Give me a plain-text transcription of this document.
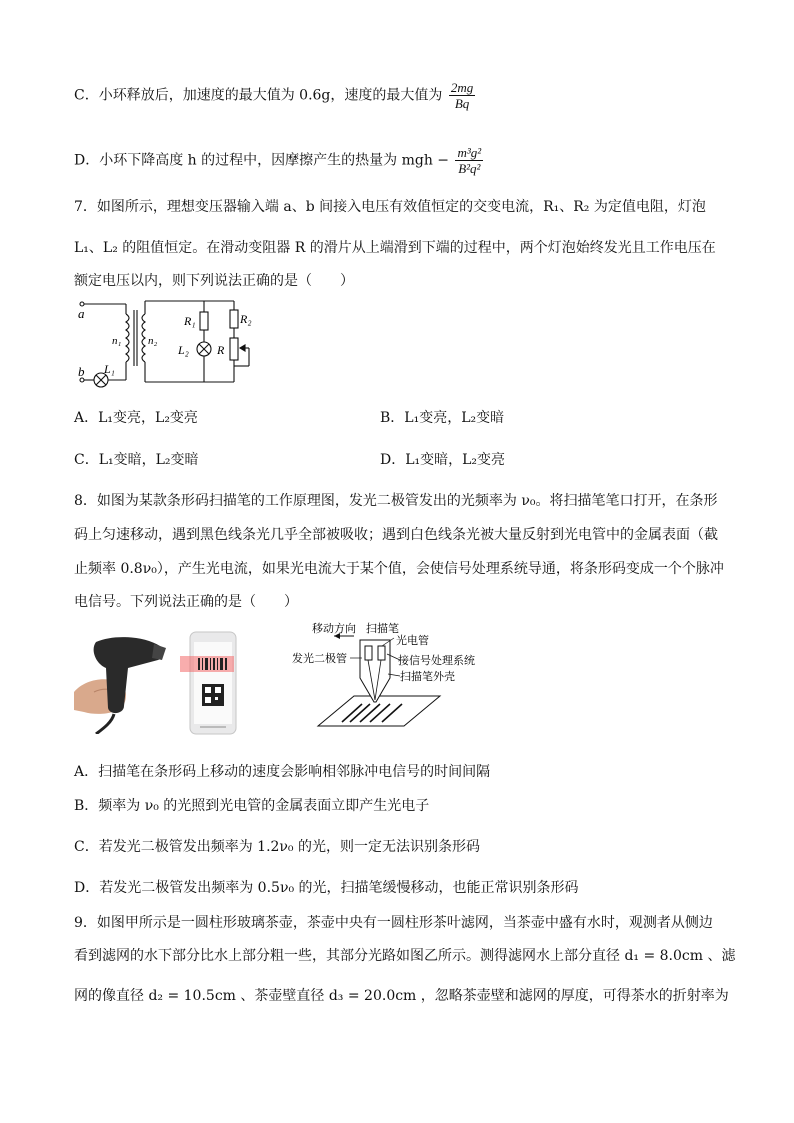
C．小环释放后，加速度的最大值为 0.6g，速度的最大值为 $\frac{2mg}{Bq}$
D．小环下降高度 h 的过程中，因摩擦产生的热量为 mgh − $\frac{\text{m³g²}}{\text{B²q²}}$
7．如图所示，理想变压器输入端 a、b 间接入电压有效值恒定的交变电流，R₁、R₂ 为定值电阻，灯泡
L₁、L₂ 的阻值恒定。在滑动变阻器 R 的滑片从上端滑到下端的过程中，两个灯泡始终发光且工作电压在
额定电压以内，则下列说法正确的是（　　）
a
b
n₁ n₂
L₁
R₁
L₂
R₂
R
A．L₁变亮，L₂变亮	B．L₁变亮，L₂变暗
C．L₁变暗，L₂变暗	D．L₁变暗，L₂变亮
8．如图为某款条形码扫描笔的工作原理图，发光二极管发出的光频率为 ν₀。将扫描笔笔口打开，在条形
码上匀速移动，遇到黑色线条光几乎全部被吸收；遇到白色线条光被大量反射到光电管中的金属表面（截
止频率 0.8ν₀），产生光电流，如果光电流大于某个值，会使信号处理系统导通，将条形码变成一个个脉冲
电信号。下列说法正确的是（　　）
移动方向 扫描笔
光电管
发光二极管	接信号处理系统
扫描笔外壳
A．扫描笔在条形码上移动的速度会影响相邻脉冲电信号的时间间隔
B．频率为 ν₀ 的光照到光电管的金属表面立即产生光电子
C．若发光二极管发出频率为 1.2ν₀ 的光，则一定无法识别条形码
D．若发光二极管发出频率为 0.5ν₀ 的光，扫描笔缓慢移动，也能正常识别条形码
9．如图甲所示是一圆柱形玻璃茶壶，茶壶中央有一圆柱形茶叶滤网，当茶壶中盛有水时，观测者从侧边
看到滤网的水下部分比水上部分粗一些，其部分光路如图乙所示。测得滤网水上部分直径 d₁ = 8.0cm 、滤
网的像直径 d₂ = 10.5cm 、茶壶壁直径 d₃ = 20.0cm ，忽略茶壶壁和滤网的厚度，可得茶水的折射率为
